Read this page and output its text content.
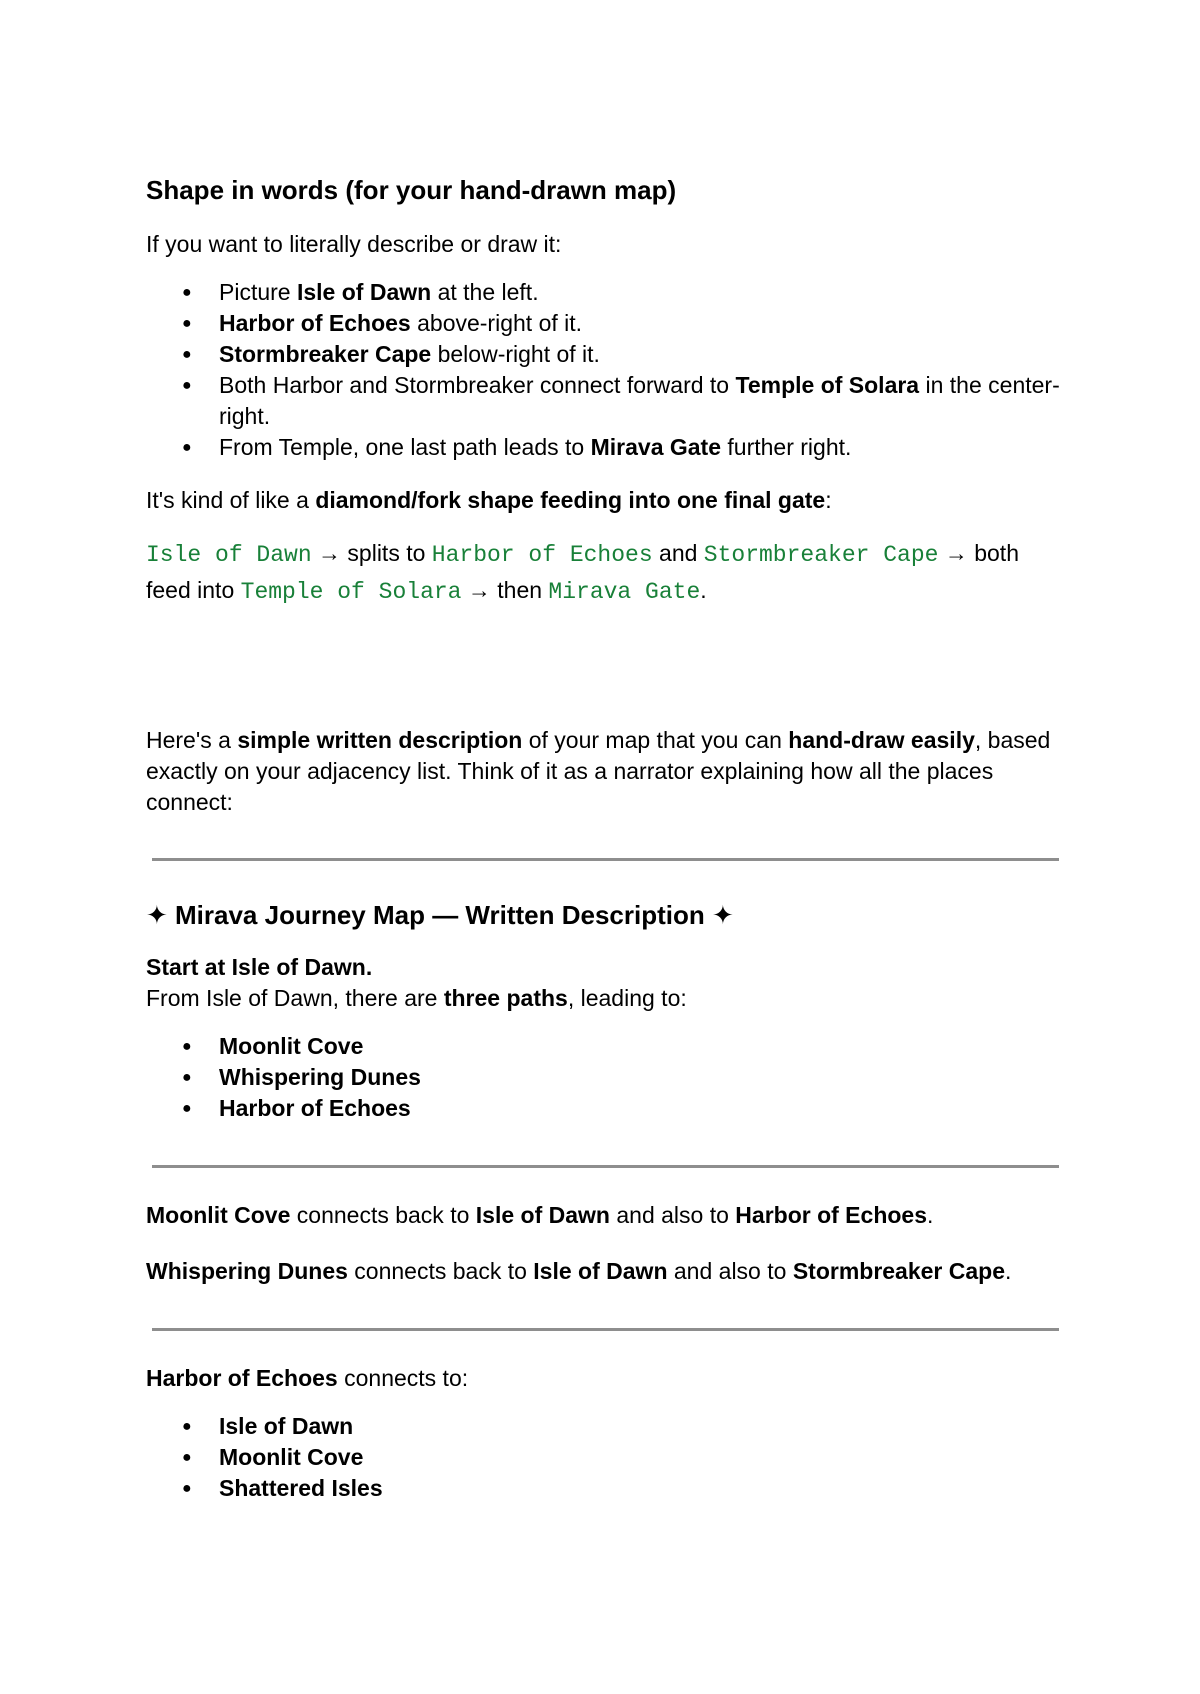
Shape in words (for your hand-drawn map)

If you want to literally describe or draw it:

● Picture Isle of Dawn at the left.
● Harbor of Echoes above-right of it.
● Stormbreaker Cape below-right of it.
● Both Harbor and Stormbreaker connect forward to Temple of Solara in the center-right.
● From Temple, one last path leads to Mirava Gate further right.

It's kind of like a diamond/fork shape feeding into one final gate:

Isle of Dawn → splits to Harbor of Echoes and Stormbreaker Cape → both feed into Temple of Solara → then Mirava Gate.

Here's a simple written description of your map that you can hand-draw easily, based exactly on your adjacency list. Think of it as a narrator explaining how all the places connect:

✦ Mirava Journey Map — Written Description ✦

Start at Isle of Dawn.
From Isle of Dawn, there are three paths, leading to:

● Moonlit Cove
● Whispering Dunes
● Harbor of Echoes

Moonlit Cove connects back to Isle of Dawn and also to Harbor of Echoes.

Whispering Dunes connects back to Isle of Dawn and also to Stormbreaker Cape.

Harbor of Echoes connects to:

● Isle of Dawn
● Moonlit Cove
● Shattered Isles
